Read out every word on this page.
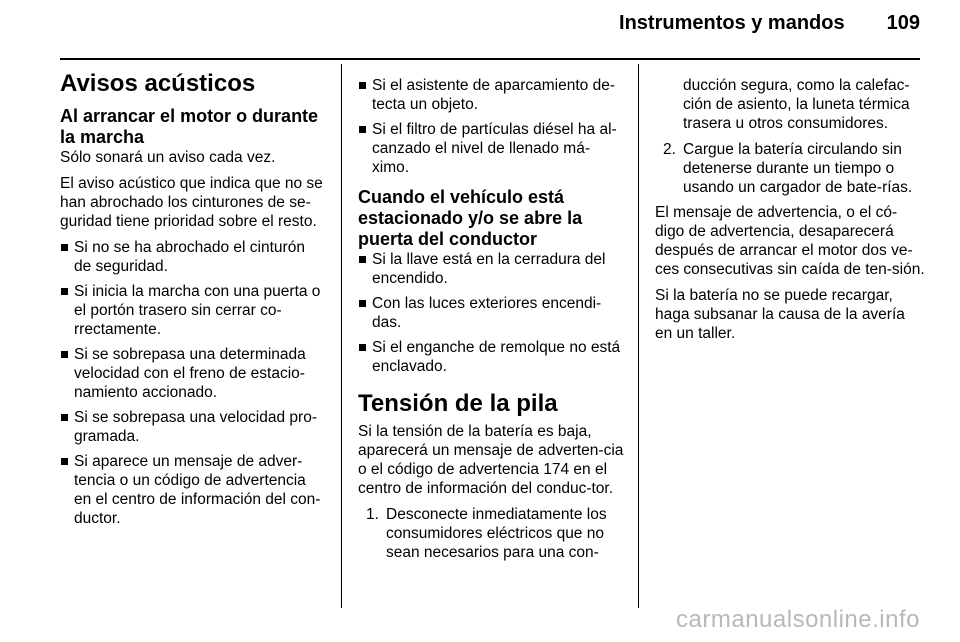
Instrumentos y mandos 109
Avisos acústicos
Al arrancar el motor o durante la marcha

Sólo sonará un aviso cada vez.

El aviso acústico que indica que no se han abrochado los cinturones de se-guridad tiene prioridad sobre el resto.

Si no se ha abrochado el cinturón de seguridad.
Si inicia la marcha con una puerta o el portón trasero sin cerrar co-rrectamente.
Si se sobrepasa una determinada velocidad con el freno de estacio-namiento accionado.
Si se sobrepasa una velocidad pro-gramada.
Si aparece un mensaje de adver-tencia o un código de advertencia en el centro de información del con-ductor.
Si el asistente de aparcamiento de-tecta un objeto.
Si el filtro de partículas diésel ha al-canzado el nivel de llenado má-ximo.
Cuando el vehículo está estacionado y/o se abre la puerta del conductor
Si la llave está en la cerradura del encendido.
Con las luces exteriores encendi-das.
Si el enganche de remolque no está enclavado.
Tensión de la pila

Si la tensión de la batería es baja, aparecerá un mensaje de adverten-cia o el código de advertencia 174 en el centro de información del conduc-tor.

1. Desconecte inmediatamente los consumidores eléctricos que no sean necesarios para una con-

ducción segura, como la calefac-ción de asiento, la luneta térmica trasera u otros consumidores.

2. Cargue la batería circulando sin detenerse durante un tiempo o usando un cargador de bate-rías.

El mensaje de advertencia, o el có-digo de advertencia, desaparecerá después de arrancar el motor dos ve-ces consecutivas sin caída de ten-sión.

Si la batería no se puede recargar, haga subsanar la causa de la avería en un taller.

carmanualsonline.info
